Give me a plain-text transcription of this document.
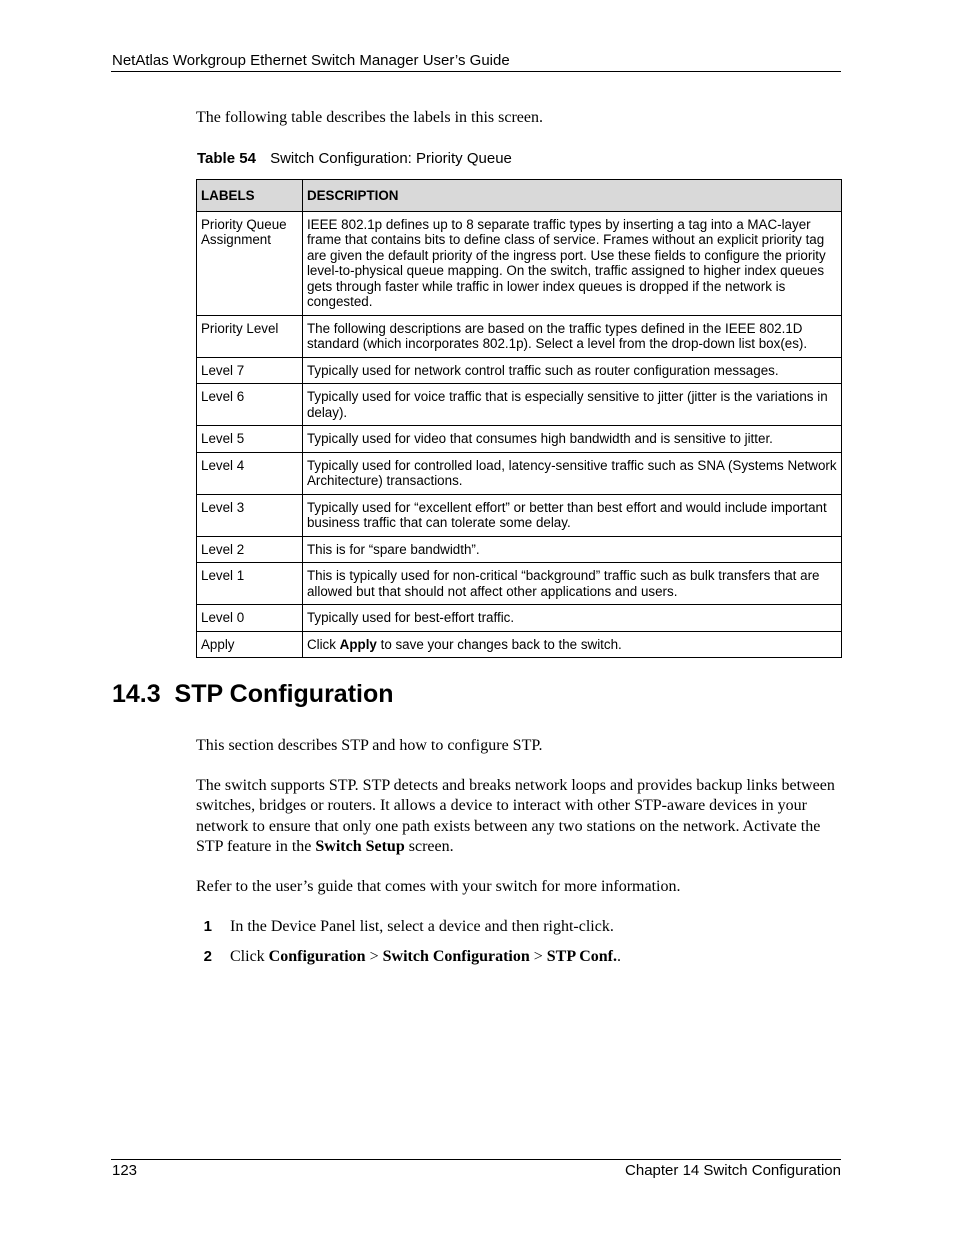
NetAtlas Workgroup Ethernet Switch Manager User’s Guide
The following table describes the labels in this screen.
Table 54 Switch Configuration: Priority Queue
LABELS	DESCRIPTION
Priority Queue Assignment	IEEE 802.1p defines up to 8 separate traffic types by inserting a tag into a MAC-layer frame that contains bits to define class of service. Frames without an explicit priority tag are given the default priority of the ingress port. Use these fields to configure the priority level-to-physical queue mapping. On the switch, traffic assigned to higher index queues gets through faster while traffic in lower index queues is dropped if the network is congested.
Priority Level	The following descriptions are based on the traffic types defined in the IEEE 802.1D standard (which incorporates 802.1p). Select a level from the drop-down list box(es).
Level 7	Typically used for network control traffic such as router configuration messages.
Level 6	Typically used for voice traffic that is especially sensitive to jitter (jitter is the variations in delay).
Level 5	Typically used for video that consumes high bandwidth and is sensitive to jitter.
Level 4	Typically used for controlled load, latency-sensitive traffic such as SNA (Systems Network Architecture) transactions.
Level 3	Typically used for “excellent effort” or better than best effort and would include important business traffic that can tolerate some delay.
Level 2	This is for “spare bandwidth”.
Level 1	This is typically used for non-critical “background” traffic such as bulk transfers that are allowed but that should not affect other applications and users.
Level 0	Typically used for best-effort traffic.
Apply	Click Apply to save your changes back to the switch.
14.3  STP Configuration
This section describes STP and how to configure STP.
The switch supports STP. STP detects and breaks network loops and provides backup links between switches, bridges or routers. It allows a device to interact with other STP-aware devices in your network to ensure that only one path exists between any two stations on the network. Activate the STP feature in the Switch Setup screen.
Refer to the user’s guide that comes with your switch for more information.
1 In the Device Panel list, select a device and then right-click.
2 Click Configuration > Switch Configuration > STP Conf..
123	Chapter 14 Switch Configuration
